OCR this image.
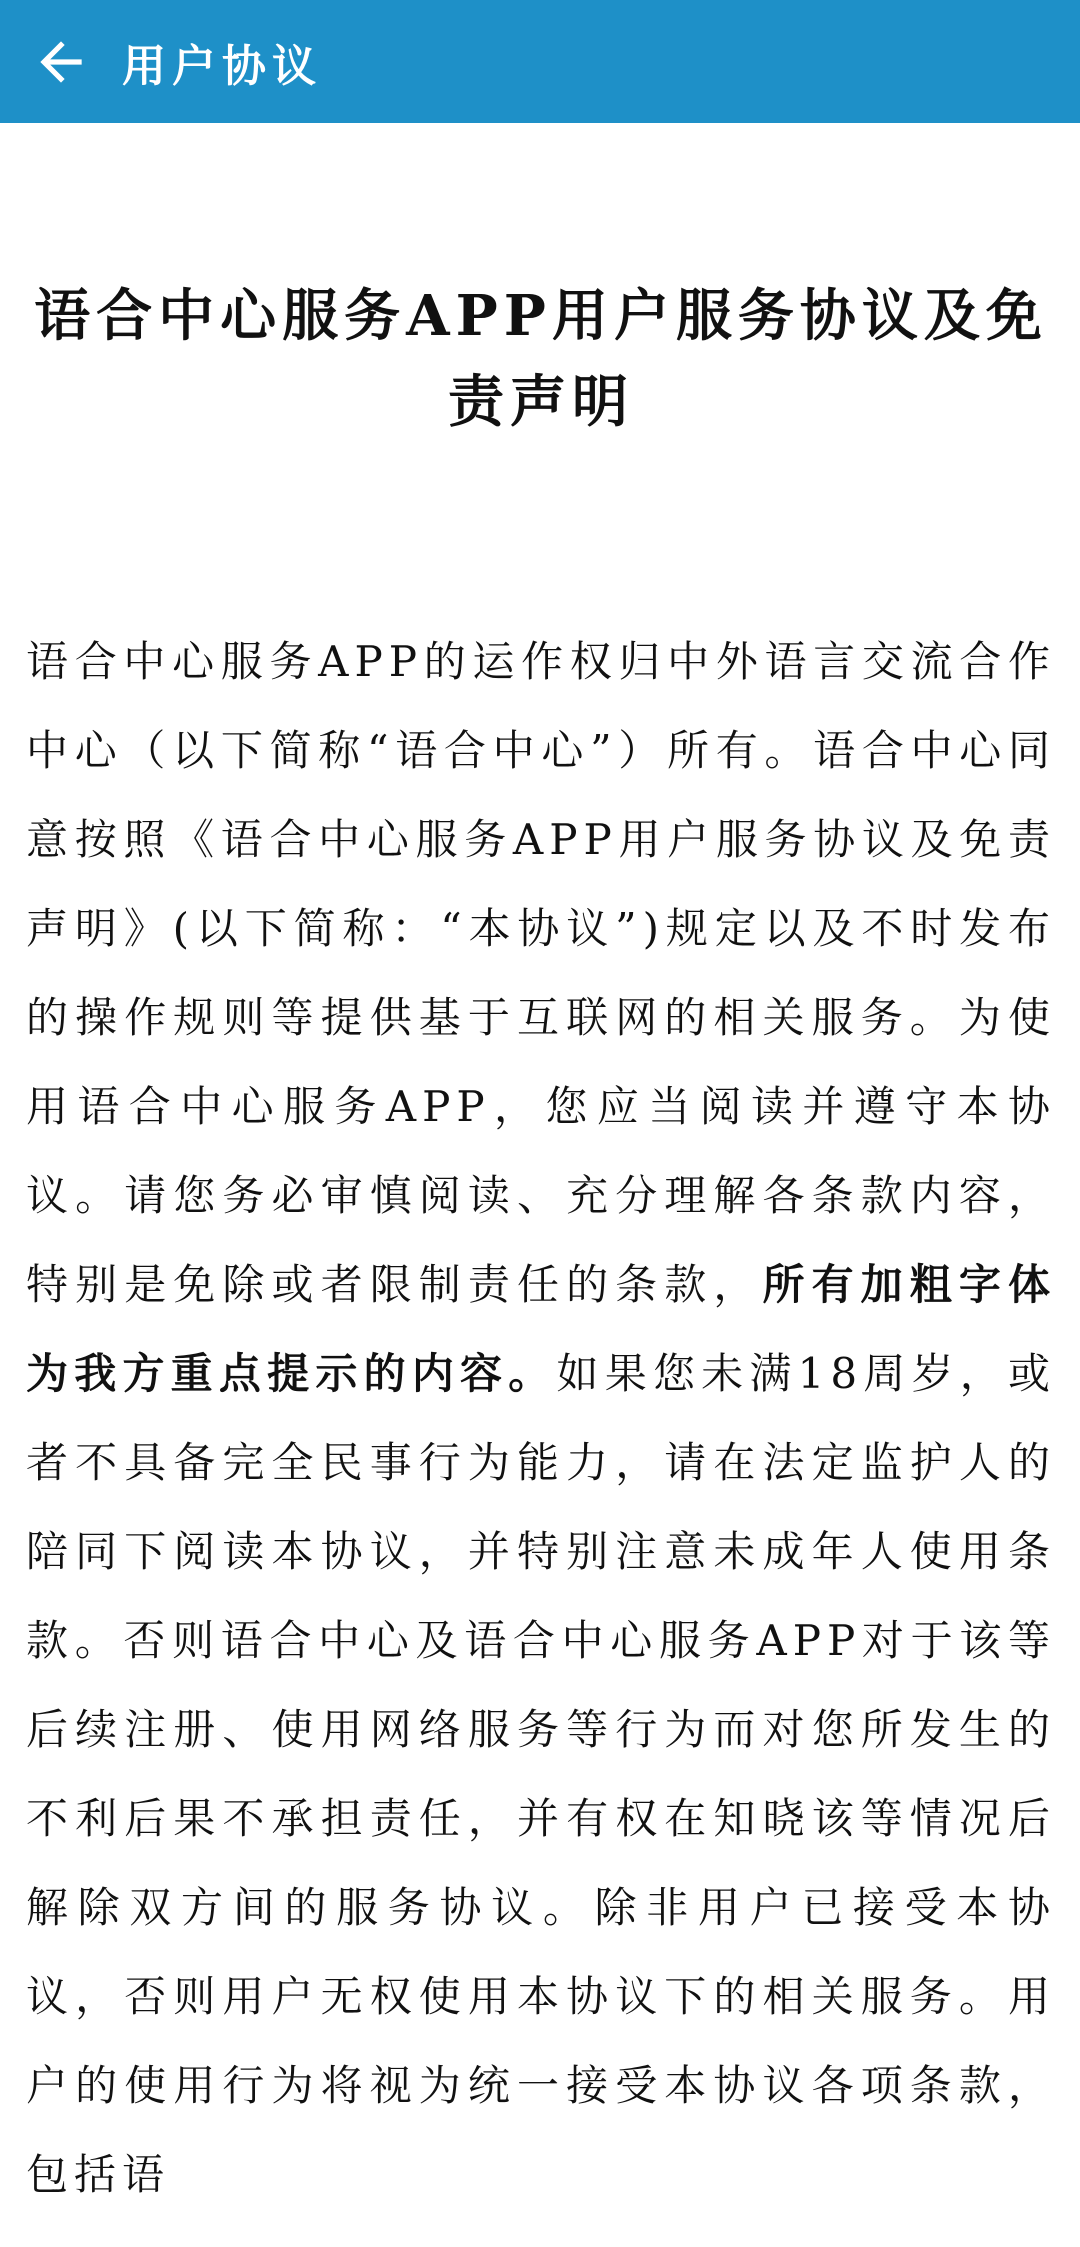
用户协议
语合中心服务APP用户服务协议及免责声明

语合中心服务APP的运作权归中外语言交流合作中心（以下简称“语合中心”）所有。语合中心同意按照《语合中心服务APP用户服务协议及免责声明》(以下简称：“本协议”)规定以及不时发布的操作规则等提供基于互联网的相关服务。为使用语合中心服务APP，您应当阅读并遵守本协议。请您务必审慎阅读、充分理解各条款内容，特别是免除或者限制责任的条款，所有加粗字体为我方重点提示的内容。如果您未满18周岁，或者不具备完全民事行为能力，请在法定监护人的陪同下阅读本协议，并特别注意未成年人使用条款。否则语合中心及语合中心服务APP对于该等后续注册、使用网络服务等行为而对您所发生的不利后果不承担责任，并有权在知晓该等情况后解除双方间的服务协议。除非用户已接受本协议，否则用户无权使用本协议下的相关服务。用户的使用行为将视为统一接受本协议各项条款，包括语
